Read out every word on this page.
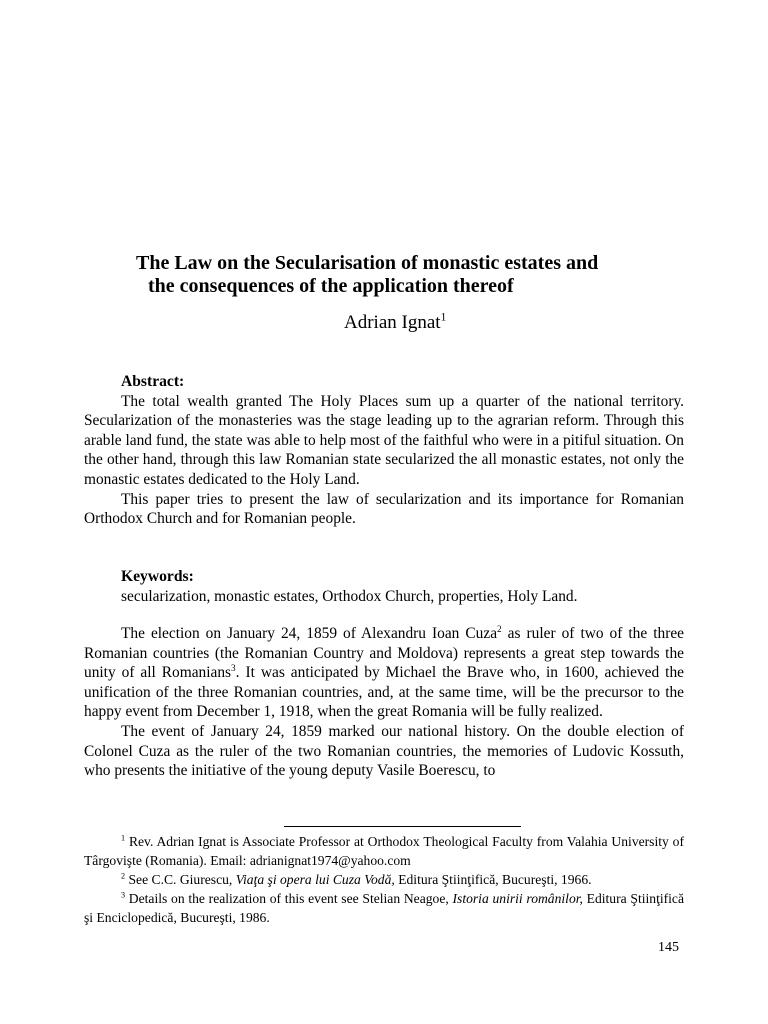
The Law on the Secularisation of monastic estates and
the consequences of the application thereof
Adrian Ignat$^1$
Abstract:

The total wealth granted The Holy Places sum up a quarter of the national territory. Secularization of the monasteries was the stage leading up to the agrarian reform. Through this arable land fund, the state was able to help most of the faithful who were in a pitiful situation. On the other hand, through this law Romanian state secularized the all monastic estates, not only the monastic estates dedicated to the Holy Land.

This paper tries to present the law of secularization and its importance for Romanian Orthodox Church and for Romanian people.

Keywords:

secularization, monastic estates, Orthodox Church, properties, Holy Land.

The election on January 24, 1859 of Alexandru Ioan Cuza$^2$ as ruler of two of the three Romanian countries (the Romanian Country and Moldova) represents a great step towards the unity of all Romanians$^3$. It was anticipated by Michael the Brave who, in 1600, achieved the unification of the three Romanian countries, and, at the same time, will be the precursor to the happy event from December 1, 1918, when the great Romania will be fully realized.

The event of January 24, 1859 marked our national history. On the double election of Colonel Cuza as the ruler of the two Romanian countries, the memories of Ludovic Kossuth, who presents the initiative of the young deputy Vasile Boerescu, to

$^1$ Rev. Adrian Ignat is Associate Professor at Orthodox Theological Faculty from Valahia University of Târgovişte (Romania). Email: adrianignat1974@yahoo.com

$^2$ See C.C. Giurescu, Viaţa şi opera lui Cuza Vodă, Editura Ştiinţifică, Bucureşti, 1966.

$^3$ Details on the realization of this event see Stelian Neagoe, Istoria unirii românilor, Editura Ştiinţifică şi Enciclopedică, Bucureşti, 1986.

145
